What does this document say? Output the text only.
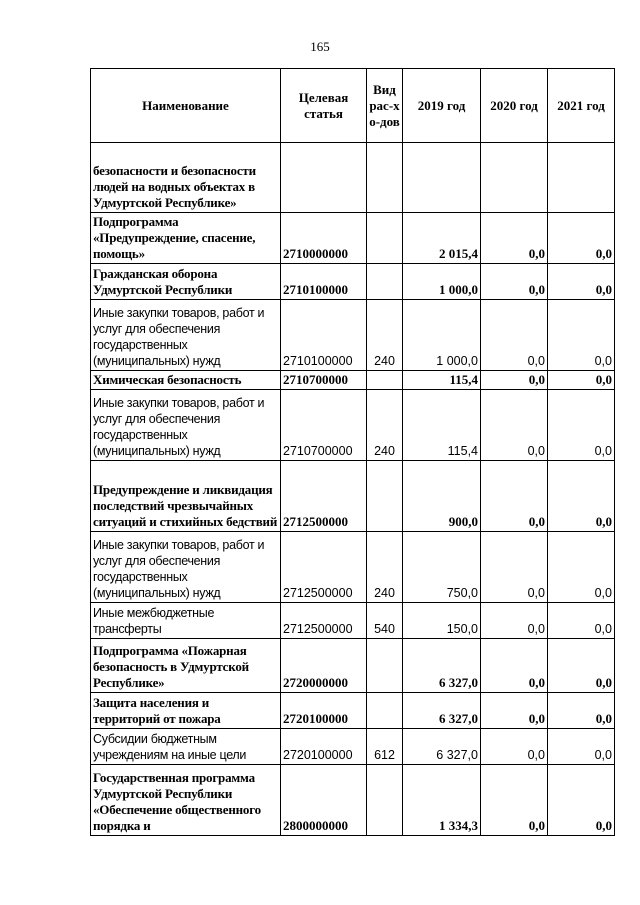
165
Наименование	Целевая статья	Вид рас-хо-дов	2019 год	2020 год	2021 год
безопасности и безопасности людей на водных объектах в Удмуртской Республике»					
Подпрограмма «Предупреждение, спасение, помощь»	2710000000		2 015,4	0,0	0,0
Гражданская оборона Удмуртской Республики	2710100000		1 000,0	0,0	0,0
Иные закупки товаров, работ и услуг для обеспечения государственных (муниципальных) нужд	2710100000	240	1 000,0	0,0	0,0
Химическая безопасность	2710700000		115,4	0,0	0,0
Иные закупки товаров, работ и услуг для обеспечения государственных (муниципальных) нужд	2710700000	240	115,4	0,0	0,0
Предупреждение и ликвидация последствий чрезвычайных ситуаций и стихийных бедствий	2712500000		900,0	0,0	0,0
Иные закупки товаров, работ и услуг для обеспечения государственных (муниципальных) нужд	2712500000	240	750,0	0,0	0,0
Иные межбюджетные трансферты	2712500000	540	150,0	0,0	0,0
Подпрограмма «Пожарная безопасность в Удмуртской Республике»	2720000000		6 327,0	0,0	0,0
Защита населения и территорий от пожара	2720100000		6 327,0	0,0	0,0
Субсидии бюджетным учреждениям на иные цели	2720100000	612	6 327,0	0,0	0,0
Государственная программа Удмуртской Республики «Обеспечение общественного порядка и	2800000000		1 334,3	0,0	0,0
